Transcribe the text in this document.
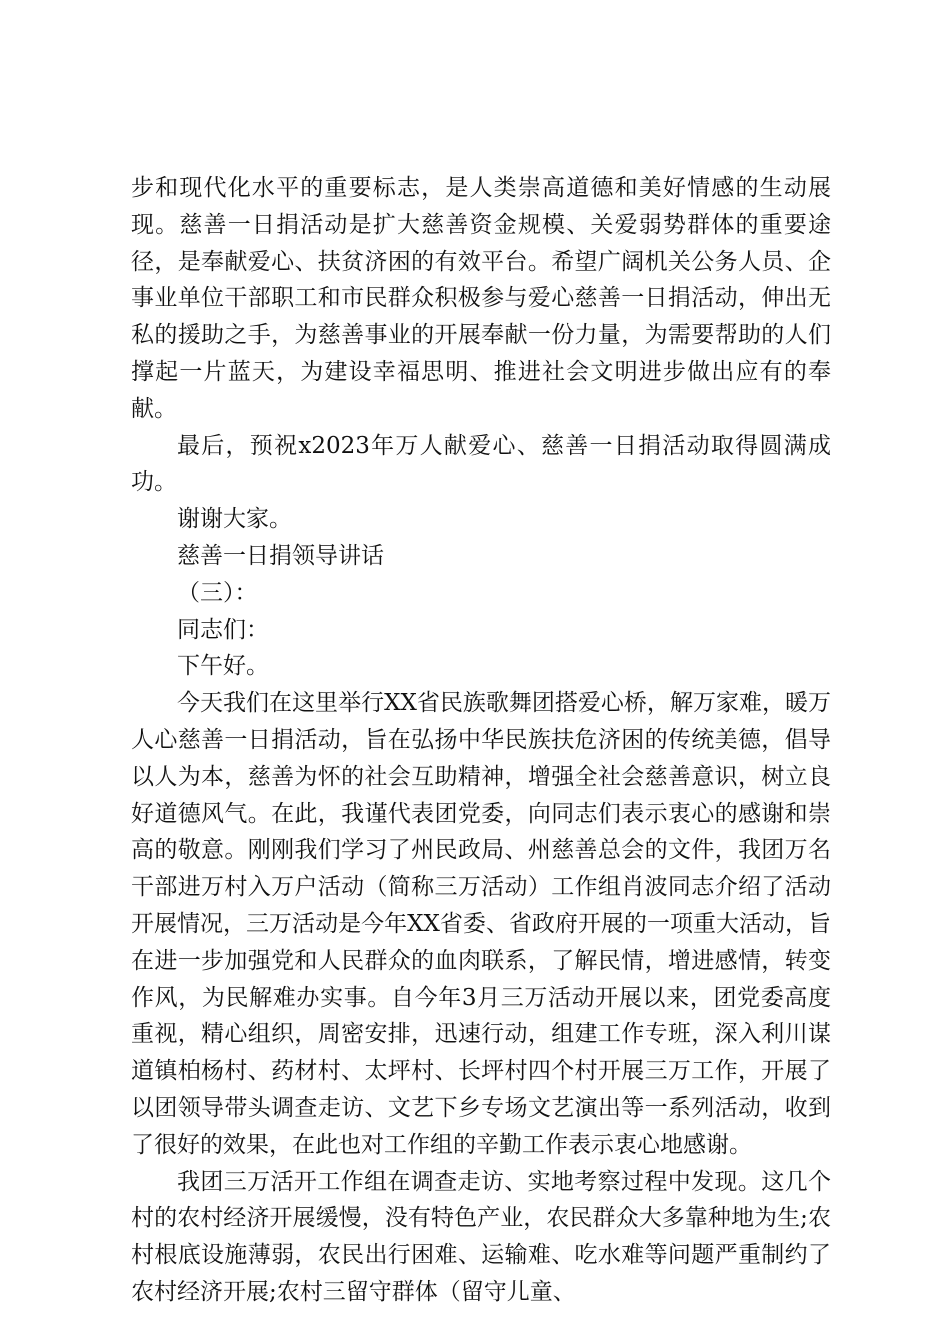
步和现代化水平的重要标志，是人类崇高道德和美好情感的生动展现。慈善一日捐活动是扩大慈善资金规模、关爱弱势群体的重要途径，是奉献爱心、扶贫济困的有效平台。希望广阔机关公务人员、企事业单位干部职工和市民群众积极参与爱心慈善一日捐活动，伸出无私的援助之手，为慈善事业的开展奉献一份力量，为需要帮助的人们撑起一片蓝天，为建设幸福思明、推进社会文明进步做出应有的奉献。

最后，预祝x2023年万人献爱心、慈善一日捐活动取得圆满成功。

谢谢大家。

慈善一日捐领导讲话

（三）：

同志们：

下午好。

今天我们在这里举行XX省民族歌舞团搭爱心桥，解万家难，暖万人心慈善一日捐活动，旨在弘扬中华民族扶危济困的传统美德，倡导以人为本，慈善为怀的社会互助精神，增强全社会慈善意识，树立良好道德风气。在此，我谨代表团党委，向同志们表示衷心的感谢和崇高的敬意。刚刚我们学习了州民政局、州慈善总会的文件，我团万名干部进万村入万户活动（简称三万活动）工作组肖波同志介绍了活动开展情况，三万活动是今年XX省委、省政府开展的一项重大活动，旨在进一步加强党和人民群众的血肉联系，了解民情，增进感情，转变作风，为民解难办实事。自今年3月三万活动开展以来，团党委高度重视，精心组织，周密安排，迅速行动，组建工作专班，深入利川谋道镇柏杨村、药材村、太坪村、长坪村四个村开展三万工作，开展了以团领导带头调查走访、文艺下乡专场文艺演出等一系列活动，收到了很好的效果，在此也对工作组的辛勤工作表示衷心地感谢。

我团三万活开工作组在调查走访、实地考察过程中发现。这几个村的农村经济开展缓慢，没有特色产业，农民群众大多靠种地为生;农村根底设施薄弱，农民出行困难、运输难、吃水难等问题严重制约了农村经济开展;农村三留守群体（留守儿童、
